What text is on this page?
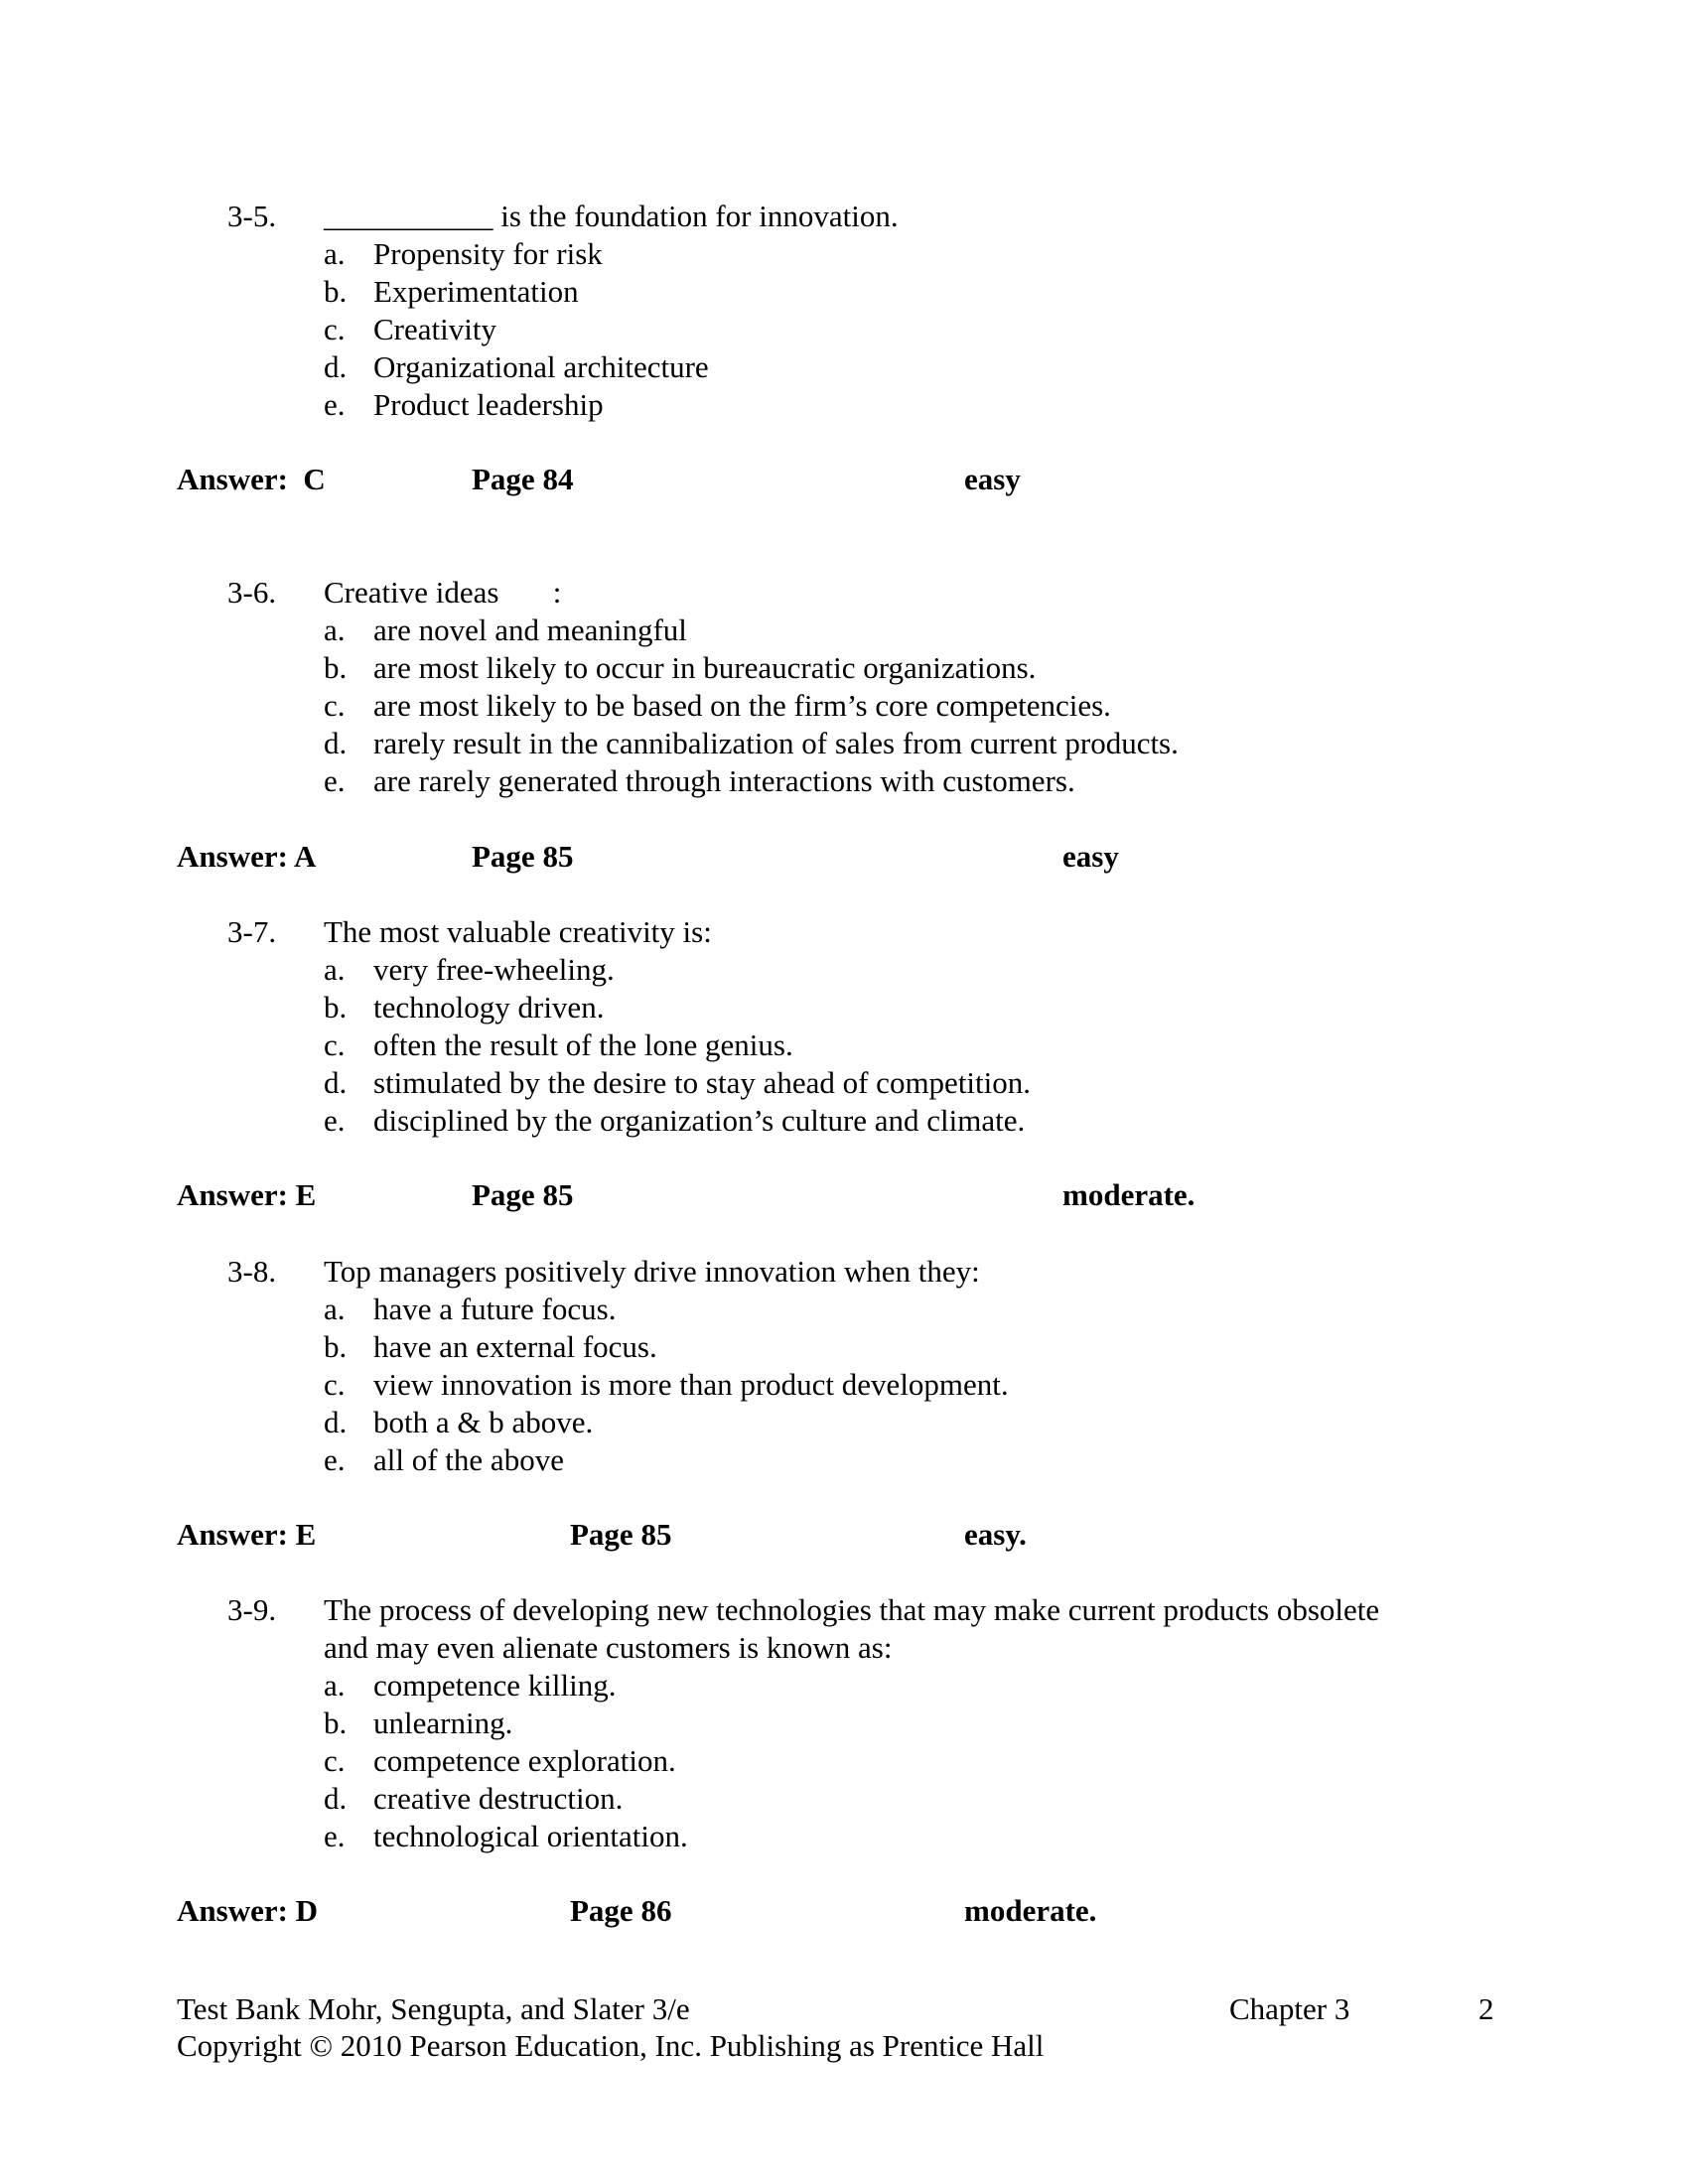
3-5. ___________ is the foundation for innovation.
a. Propensity for risk
b. Experimentation
c. Creativity
d. Organizational architecture
e. Product leadership
Answer:  C	Page 84	easy
3-6. Creative ideas       :
a. are novel and meaningful
b. are most likely to occur in bureaucratic organizations.
c. are most likely to be based on the firm’s core competencies.
d. rarely result in the cannibalization of sales from current products.
e. are rarely generated through interactions with customers.
Answer: A	Page 85	easy
3-7. The most valuable creativity is:
a. very free-wheeling.
b. technology driven.
c. often the result of the lone genius.
d. stimulated by the desire to stay ahead of competition.
e. disciplined by the organization’s culture and climate.
Answer: E	Page 85	moderate.
3-8. Top managers positively drive innovation when they:
a. have a future focus.
b. have an external focus.
c. view innovation is more than product development.
d. both a & b above.
e. all of the above
Answer: E	Page 85	easy.
3-9. The process of developing new technologies that may make current products obsolete
and may even alienate customers is known as:
a. competence killing.
b. unlearning.
c. competence exploration.
d. creative destruction.
e. technological orientation.
Answer: D	Page 86	moderate.
Test Bank Mohr, Sengupta, and Slater 3/e	Chapter 3	2
Copyright © 2010 Pearson Education, Inc. Publishing as Prentice Hall
